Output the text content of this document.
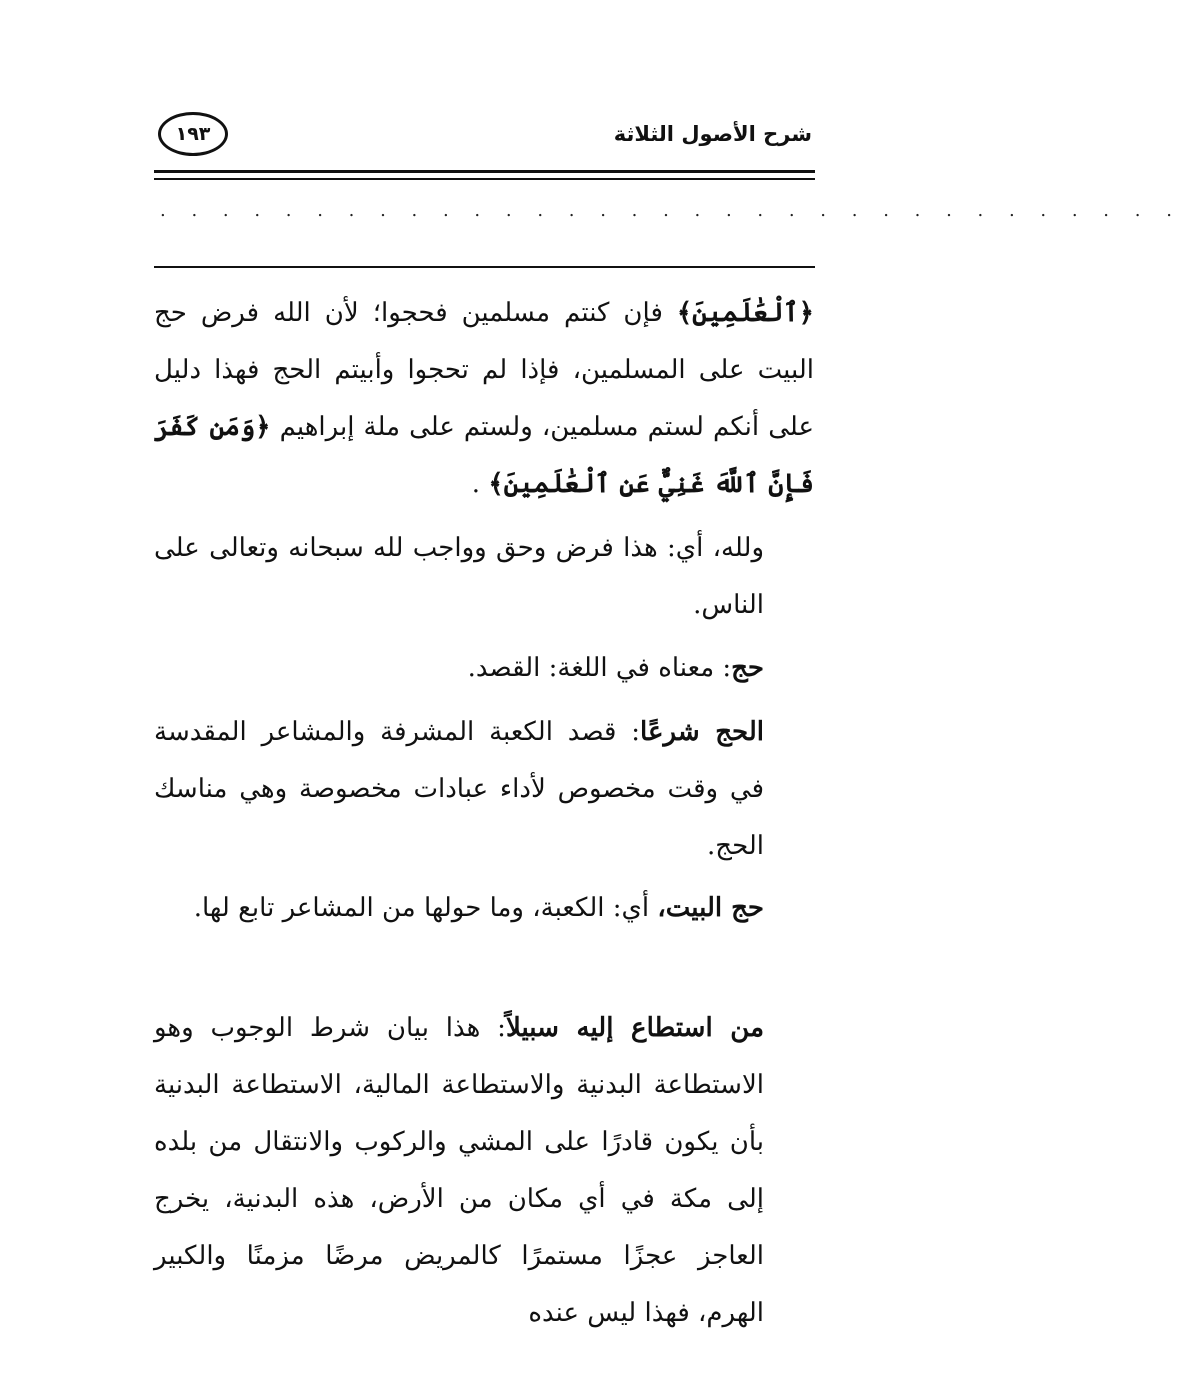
شرح الأصول الثلاثة
١٩٣
. . . . . . . . . . . . . . . . . . . . . . . . . . . . . . . . .

﴿ٱلْعَٰلَمِينَ﴾ فإن كنتم مسلمين فحجوا؛ لأن الله فرض حج البيت على المسلمين، فإذا لم تحجوا وأبيتم الحج فهذا دليل على أنكم لستم مسلمين، ولستم على ملة إبراهيم ﴿وَمَن كَفَرَ فَإِنَّ ٱللَّهَ غَنِيٌّ عَنِ ٱلْعَٰلَمِينَ﴾ .

ولله، أي: هذا فرض وحق وواجب لله سبحانه وتعالى على الناس.

حج: معناه في اللغة: القصد.

الحج شرعًا: قصد الكعبة المشرفة والمشاعر المقدسة في وقت مخصوص لأداء عبادات مخصوصة وهي مناسك الحج.

حج البيت، أي: الكعبة، وما حولها من المشاعر تابع لها.

من استطاع إليه سبيلاً: هذا بيان شرط الوجوب وهو الاستطاعة البدنية والاستطاعة المالية، الاستطاعة البدنية بأن يكون قادرًا على المشي والركوب والانتقال من بلده إلى مكة في أي مكان من الأرض، هذه البدنية، يخرج العاجز عجزًا مستمرًا كالمريض مرضًا مزمنًا والكبير الهرم، فهذا ليس عنده
